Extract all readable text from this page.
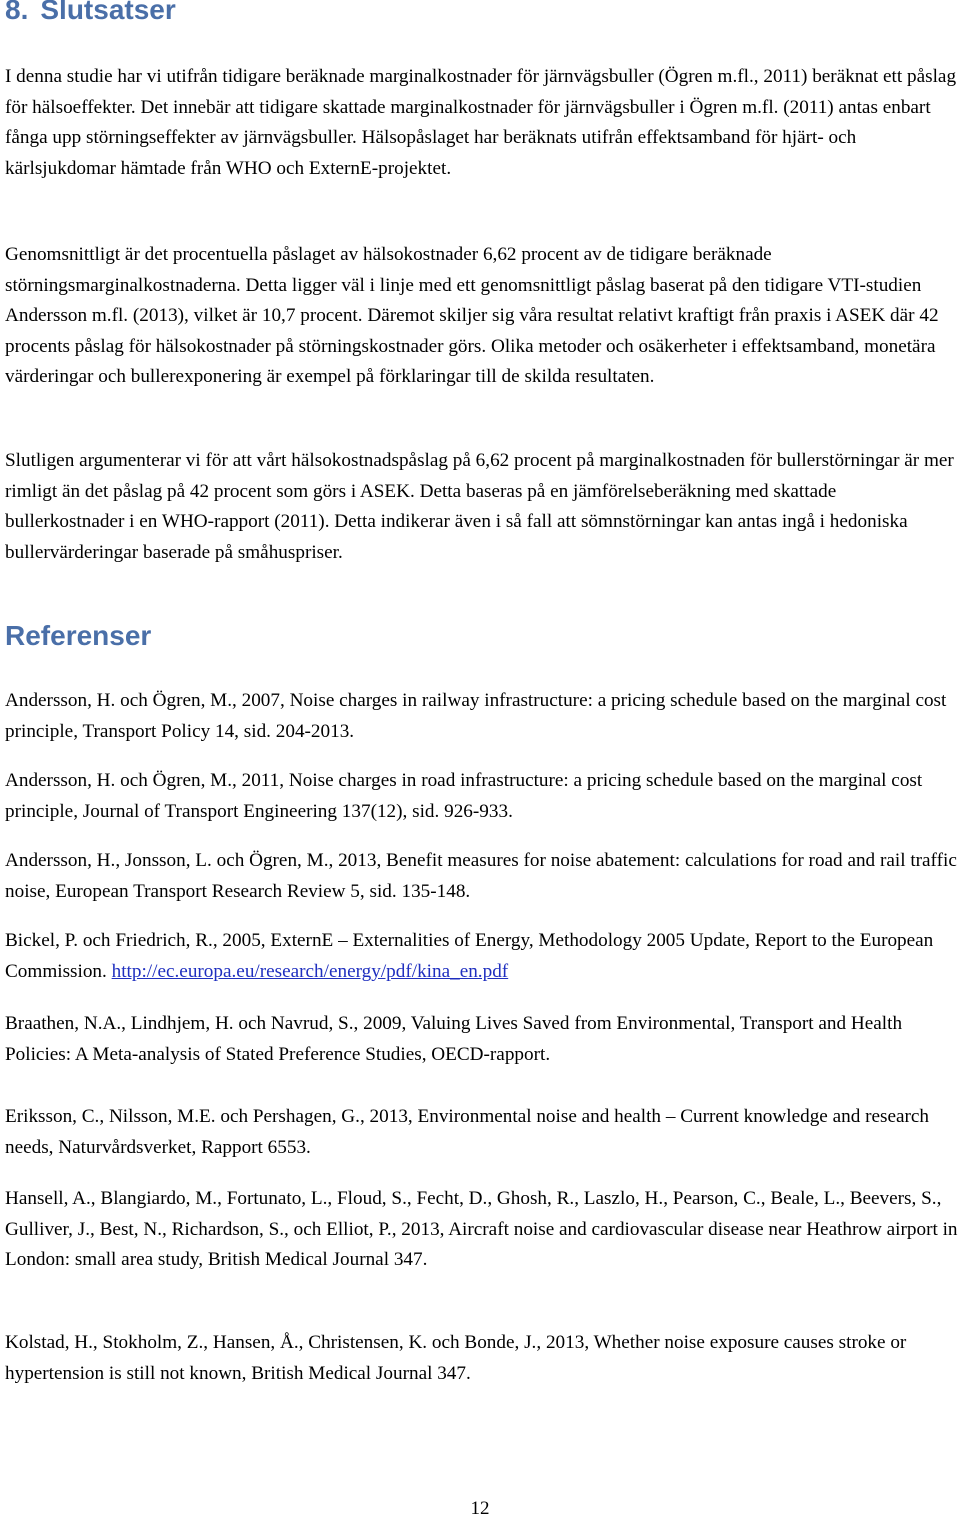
8. Slutsatser

I denna studie har vi utifrån tidigare beräknade marginalkostnader för järnvägsbuller (Ögren m.fl., 2011) beräknat ett påslag för hälsoeffekter. Det innebär att tidigare skattade marginalkostnader för järnvägsbuller i Ögren m.fl. (2011) antas enbart fånga upp störningseffekter av järnvägsbuller. Hälsopåslaget har beräknats utifrån effektsamband för hjärt- och kärlsjukdomar hämtade från WHO och ExternE-projektet.

Genomsnittligt är det procentuella påslaget av hälsokostnader 6,62 procent av de tidigare beräknade störningsmarginalkostnaderna. Detta ligger väl i linje med ett genomsnittligt påslag baserat på den tidigare VTI-studien Andersson m.fl. (2013), vilket är 10,7 procent. Däremot skiljer sig våra resultat relativt kraftigt från praxis i ASEK där 42 procents påslag för hälsokostnader på störningskostnader görs. Olika metoder och osäkerheter i effektsamband, monetära värderingar och bullerexponering är exempel på förklaringar till de skilda resultaten.

Slutligen argumenterar vi för att vårt hälsokostnadspåslag på 6,62 procent på marginalkostnaden för bullerstörningar är mer rimligt än det påslag på 42 procent som görs i ASEK. Detta baseras på en jämförelseberäkning med skattade bullerkostnader i en WHO-rapport (2011). Detta indikerar även i så fall att sömnstörningar kan antas ingå i hedoniska bullervärderingar baserade på småhuspriser.

Referenser

Andersson, H. och Ögren, M., 2007, Noise charges in railway infrastructure: a pricing schedule based on the marginal cost principle, Transport Policy 14, sid. 204-2013.

Andersson, H. och Ögren, M., 2011, Noise charges in road infrastructure: a pricing schedule based on the marginal cost principle, Journal of Transport Engineering 137(12), sid. 926-933.

Andersson, H., Jonsson, L. och Ögren, M., 2013, Benefit measures for noise abatement: calculations for road and rail traffic noise, European Transport Research Review 5, sid. 135-148.

Bickel, P. och Friedrich, R., 2005, ExternE – Externalities of Energy, Methodology 2005 Update, Report to the European Commission. http://ec.europa.eu/research/energy/pdf/kina_en.pdf

Braathen, N.A., Lindhjem, H. och Navrud, S., 2009, Valuing Lives Saved from Environmental, Transport and Health Policies: A Meta-analysis of Stated Preference Studies, OECD-rapport.

Eriksson, C., Nilsson, M.E. och Pershagen, G., 2013, Environmental noise and health – Current knowledge and research needs, Naturvårdsverket, Rapport 6553.

Hansell, A., Blangiardo, M., Fortunato, L., Floud, S., Fecht, D., Ghosh, R., Laszlo, H., Pearson, C., Beale, L., Beevers, S., Gulliver, J., Best, N., Richardson, S., och Elliot, P., 2013, Aircraft noise and cardiovascular disease near Heathrow airport in London: small area study, British Medical Journal 347.

Kolstad, H., Stokholm, Z., Hansen, Å., Christensen, K. och Bonde, J., 2013, Whether noise exposure causes stroke or hypertension is still not known, British Medical Journal 347.

12
